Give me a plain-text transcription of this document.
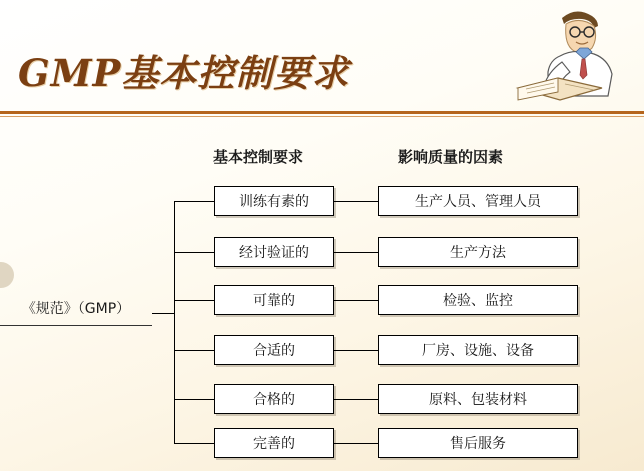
GMP基本控制要求
基本控制要求	影响质量的因素
《规范》（GMP）
训练有素的	生产人员、管理人员
经讨验证的	生产方法
可靠的	检验、监控
合适的	厂房、设施、设备
合格的	原料、包装材料
完善的	售后服务
